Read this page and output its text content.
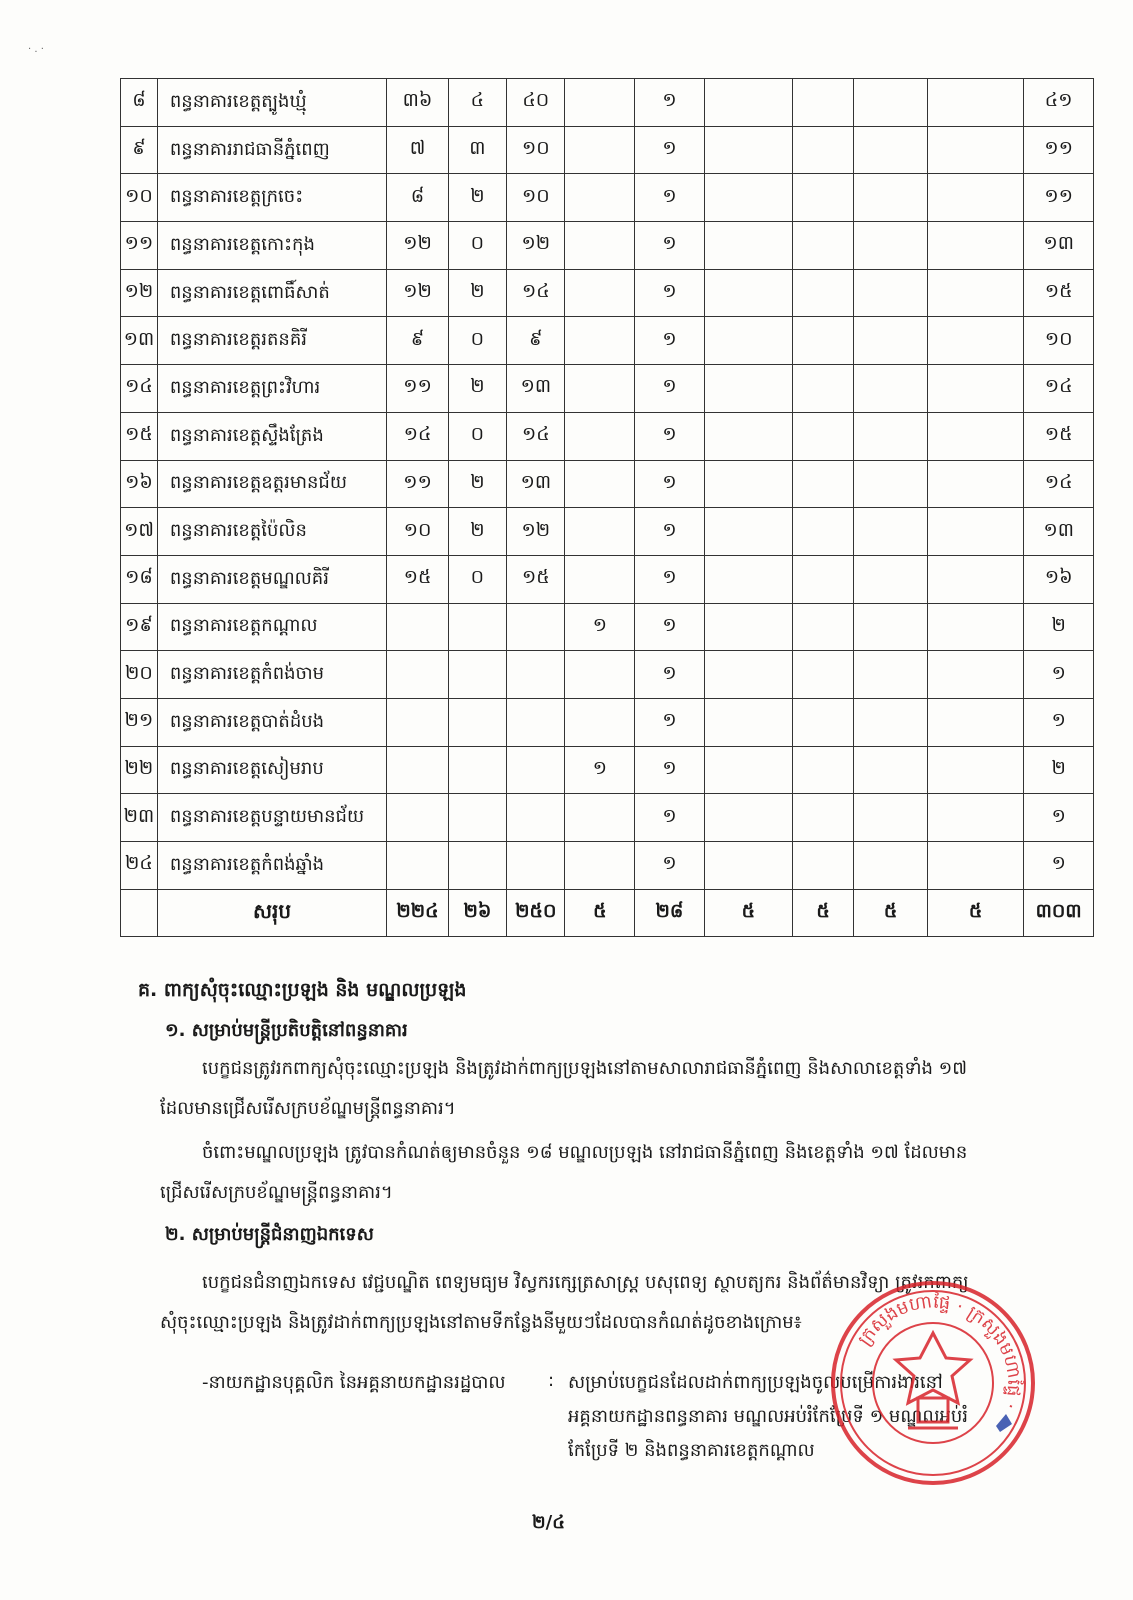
· . ·
៨	ពន្ធនាគារខេត្តត្បូងឃ្មុំ	៣៦	៤	៤០		១					៤១
៩	ពន្ធនាគាររាជធានីភ្នំពេញ	៧	៣	១០		១					១១
១០	ពន្ធនាគារខេត្តក្រចេះ	៨	២	១០		១					១១
១១	ពន្ធនាគារខេត្តកោះកុង	១២	០	១២		១					១៣
១២	ពន្ធនាគារខេត្តពោធិ៍សាត់	១២	២	១៤		១					១៥
១៣	ពន្ធនាគារខេត្តរតនគិរី	៩	០	៩		១					១០
១៤	ពន្ធនាគារខេត្តព្រះវិហារ	១១	២	១៣		១					១៤
១៥	ពន្ធនាគារខេត្តស្ទឹងត្រែង	១៤	០	១៤		១					១៥
១៦	ពន្ធនាគារខេត្តឧត្តរមានជ័យ	១១	២	១៣		១					១៤
១៧	ពន្ធនាគារខេត្តប៉ៃលិន	១០	២	១២		១					១៣
១៨	ពន្ធនាគារខេត្តមណ្ឌលគិរី	១៥	០	១៥		១					១៦
១៩	ពន្ធនាគារខេត្តកណ្ដាល				១	១					២
២០	ពន្ធនាគារខេត្តកំពង់ចាម					១					១
២១	ពន្ធនាគារខេត្តបាត់ដំបង					១					១
២២	ពន្ធនាគារខេត្តសៀមរាប				១	១					២
២៣	ពន្ធនាគារខេត្តបន្ទាយមានជ័យ					១					១
២៤	ពន្ធនាគារខេត្តកំពង់ឆ្នាំង					១					១
	សរុប	២២៤	២៦	២៥០	៥	២៨	៥	៥	៥	៥	៣០៣
គ. ពាក្យសុំចុះឈ្មោះប្រឡង និង មណ្ឌលប្រឡង
១. សម្រាប់មន្ត្រីប្រតិបត្តិនៅពន្ធនាគារ
បេក្ខជនត្រូវរកពាក្យសុំចុះឈ្មោះប្រឡង និងត្រូវដាក់ពាក្យប្រឡងនៅតាមសាលារាជធានីភ្នំពេញ និងសាលាខេត្តទាំង ១៧
ដែលមានជ្រើសរើសក្របខ័ណ្ឌមន្ត្រីពន្ធនាគារ។
ចំពោះមណ្ឌលប្រឡង ត្រូវបានកំណត់ឲ្យមានចំនួន ១៨ មណ្ឌលប្រឡង នៅរាជធានីភ្នំពេញ និងខេត្តទាំង ១៧ ដែលមាន
ជ្រើសរើសក្របខ័ណ្ឌមន្ត្រីពន្ធនាគារ។
២. សម្រាប់មន្ត្រីជំនាញឯកទេស
បេក្ខជនជំនាញឯកទេស វេជ្ជបណ្ឌិត ពេទ្យមធ្យម វិស្វករក្សេត្រសាស្ត្រ បសុពេទ្យ ស្ថាបត្យករ និងព័ត៌មានវិទ្យា ត្រូវរកពាក្យ
សុំចុះឈ្មោះប្រឡង និងត្រូវដាក់ពាក្យប្រឡងនៅតាមទីកន្លែងនីមួយៗដែលបានកំណត់ដូចខាងក្រោម៖
-នាយកដ្ឋានបុគ្គលិក នៃអគ្គនាយកដ្ឋានរដ្ឋបាល : សម្រាប់បេក្ខជនដែលដាក់ពាក្យប្រឡងចូលបម្រើការងារនៅ
អគ្គនាយកដ្ឋានពន្ធនាគារ មណ្ឌលអប់រំកែប្រែទី ១ មណ្ឌលអប់រំ
កែប្រែទី ២ និងពន្ធនាគារខេត្តកណ្ដាល
ក្រសួងមហាផ្ទៃ · ក្រសួងមហាផ្ទៃ ·
២/៤
